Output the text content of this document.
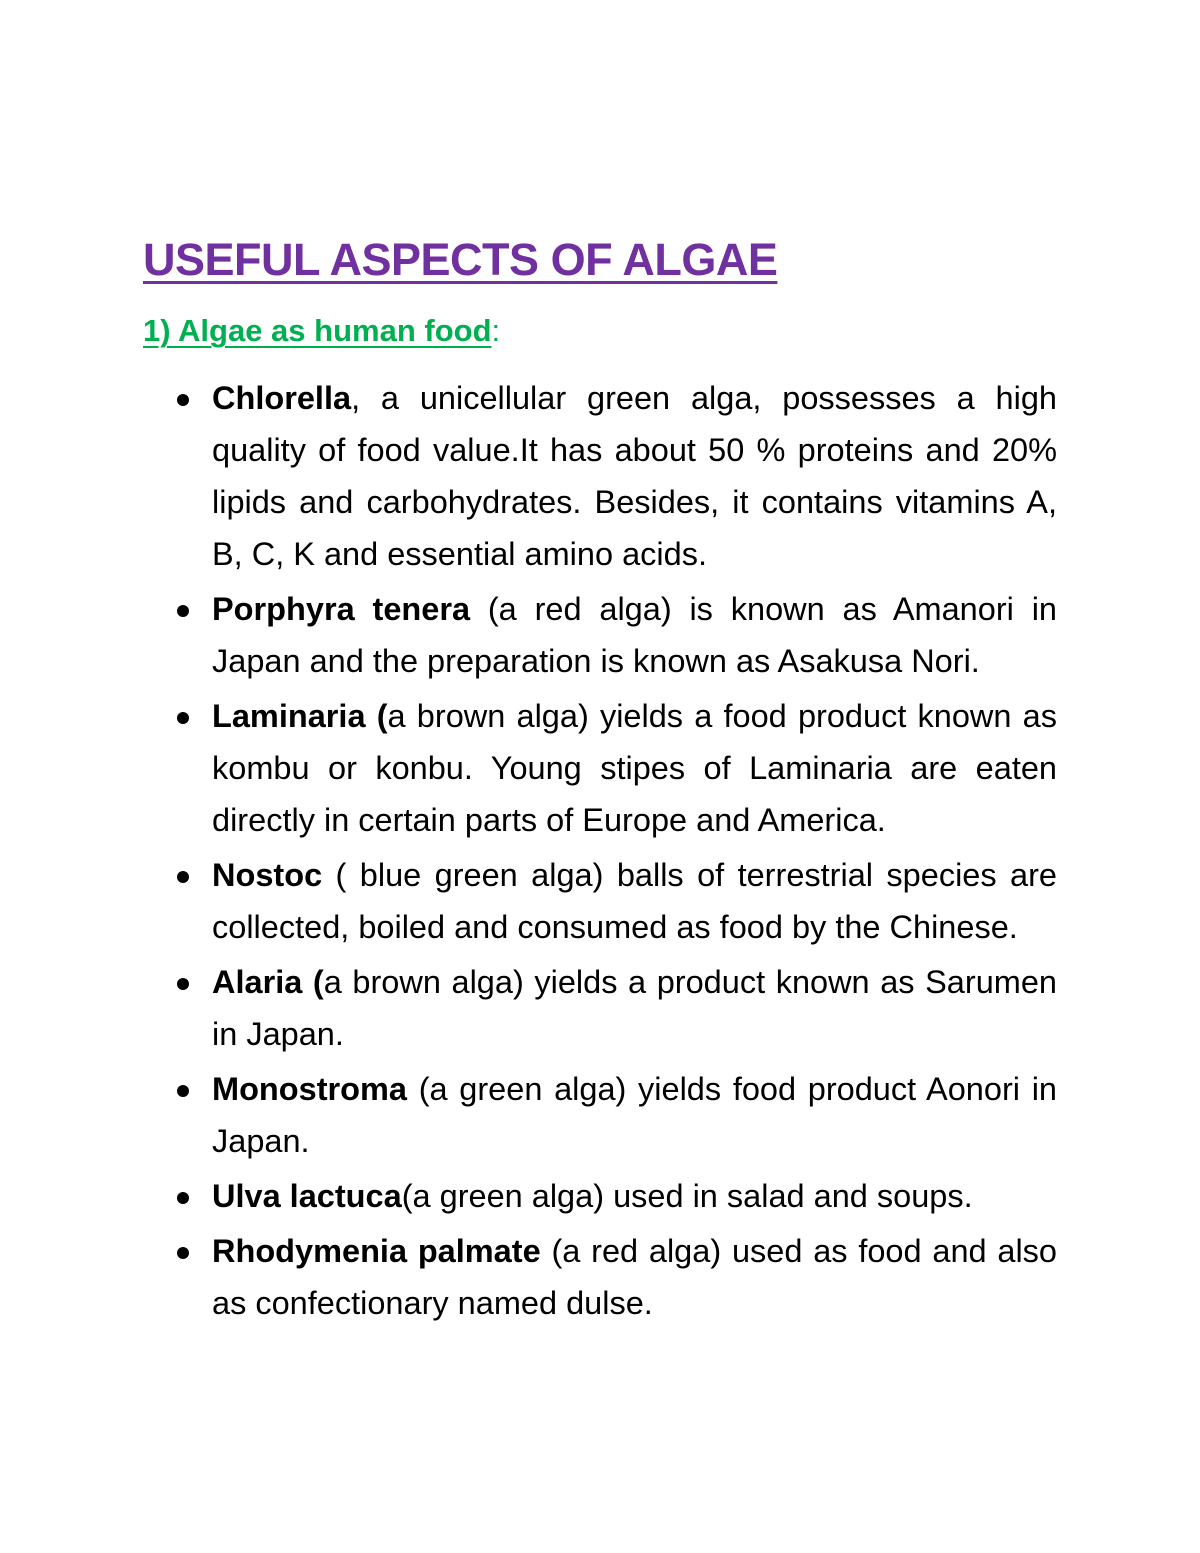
USEFUL ASPECTS OF ALGAE
1) Algae as human food:
Chlorella, a unicellular green alga, possesses a high quality of food value.It has about 50 % proteins and 20% lipids and carbohydrates. Besides, it contains vitamins A, B, C, K and essential amino acids.
Porphyra tenera (a red alga) is known as Amanori in Japan and the preparation is known as Asakusa Nori.
Laminaria (a brown alga) yields a food product known as kombu or konbu. Young stipes of Laminaria are eaten directly in certain parts of Europe and America.
Nostoc ( blue green alga) balls of terrestrial species are collected, boiled and consumed as food by the Chinese.
Alaria (a brown alga) yields a product known as Sarumen in Japan.
Monostroma (a green alga) yields food product Aonori in Japan.
Ulva lactuca(a green alga) used in salad and soups.
Rhodymenia palmate (a red alga) used as food and also as confectionary named dulse.
